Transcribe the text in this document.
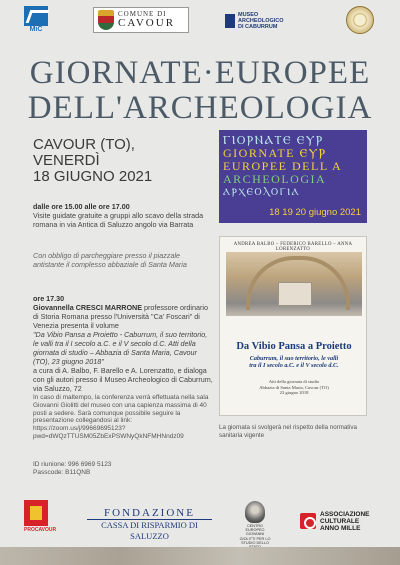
MiC
COMUNE DI
CAVOUR
MUSEO
ARCHEOLOGICO
DI CABURRUM
GIORNATE·EUROPEE
DELL'ARCHEOLOGIA
CAVOUR (TO),
VENERDÌ
18 GIUGNO 2021
ⲄⲒⲞⲢⲚⲀⲦⲈ ⲈⲨⲢ
GIORNATE ⲈⲨⲢ
EUROPEE DELL A
ARCHEOLOGIA
ⲀⲢⲬⲈⲞⲖⲞⲄⲒⲀ
18 19 20 giugno 2021
dalle ore 15.00 alle ore 17.00
Visite guidate gratuite a gruppi allo scavo della strada romana in via Antica di Saluzzo angolo via Barrata
Con obbligo di parcheggiare presso il piazzale antistante il complesso abbaziale di Santa Maria
ore 17.30
Giovannella CRESCI MARRONE professore ordinario di Storia Romana presso l'Università "Ca' Foscari" di Venezia presenta il volume
"Da Vibio Pansa a Proietto - Caburrum, il suo territorio, le valli tra il I secolo a.C. e il V secolo d.C. Atti della giornata di studio – Abbazia di Santa Maria, Cavour (TO), 23 giugno 2018"
a cura di A. Balbo, F. Barello e A. Lorenzatto, e dialoga con gli autori presso il Museo Archeologico di Caburrum, via Saluzzo, 72
In caso di maltempo, la conferenza verrà effettuata nella sala Giovanni Giolitti del museo con una capienza massima di 40 posti a sedere. Sarà comunque possibile seguire la presentazione collegandosi al link: https://zoom.us/j/99669695123?pwd=dWQzTTUSM05ZbExPSWNyQkNFMHNndz09
ID riunione: 996 6969 5123
Passcode: B11QNB
ANDREA BALBO – FEDERICO BARELLO – ANNA LORENZATTO
Da Vibio Pansa a Proietto
Caburrum, il suo territorio, le valli
tra il I secolo a.C. e il V secolo d.C.
Atti della giornata di studio
Abbazia di Santa Maria, Cavour (TO)
23 giugno 2018
La giornata si svolgerà nel rispetto della normativa sanitaria vigente
PROCAVOUR
FONDAZIONE
CASSA DI RISPARMIO DI SALUZZO
CENTRO EUROPEO GIOVANNI GIOLITTI PER LO STUDIO DELLO
ASSOCIAZIONE
CULTURALE
ANNO MILLE
